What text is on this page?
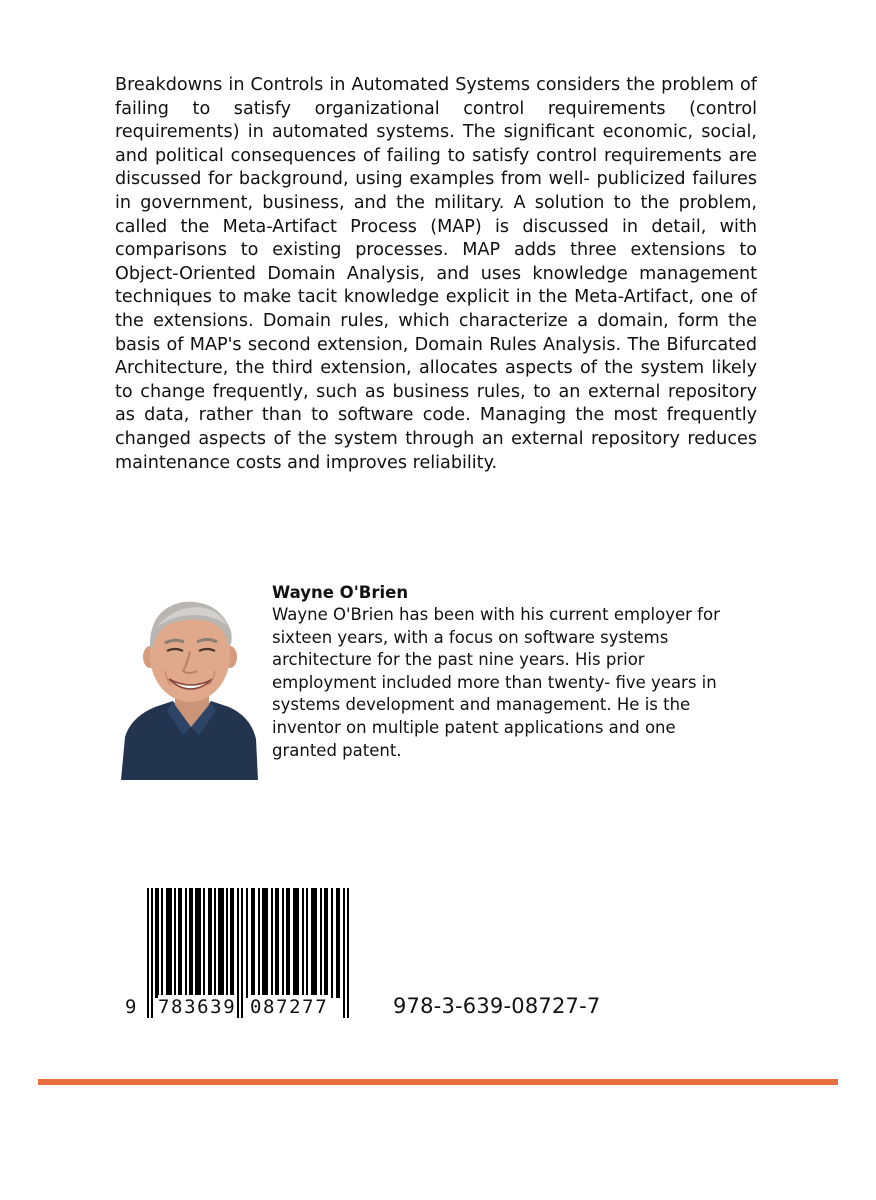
Breakdowns in Controls in Automated Systems considers the problem of failing to satisfy organizational control requirements (control requirements) in automated systems. The significant economic, social, and political consequences of failing to satisfy control requirements are discussed for background, using examples from well- publicized failures in government, business, and the military. A solution to the problem, called the Meta-Artifact Process (MAP) is discussed in detail, with comparisons to existing processes. MAP adds three extensions to Object-Oriented Domain Analysis, and uses knowledge management techniques to make tacit knowledge explicit in the Meta-Artifact, one of the extensions. Domain rules, which characterize a domain, form the basis of MAP's second extension, Domain Rules Analysis. The Bifurcated Architecture, the third extension, allocates aspects of the system likely to change frequently, such as business rules, to an external repository as data, rather than to software code. Managing the most frequently changed aspects of the system through an external repository reduces maintenance costs and improves reliability.

Wayne O'Brien

Wayne O'Brien has been with his current employer for sixteen years, with a focus on software systems architecture for the past nine years. His prior employment included more than twenty- five years in systems development and management. He is the inventor on multiple patent applications and one granted patent.

9 783639 087277	978-3-639-08727-7
